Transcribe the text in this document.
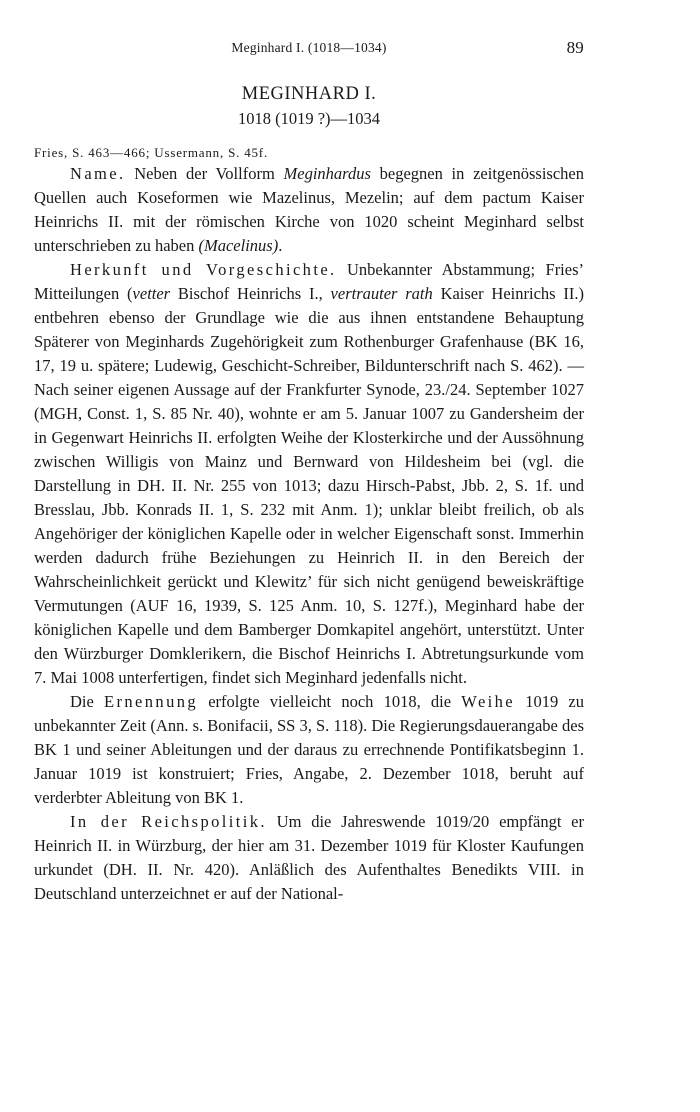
Meginhard I. (1018—1034)	89
MEGINHARD I.
1018 (1019 ?)—1034
Fries, S. 463—466; Ussermann, S. 45f.

Name. Neben der Vollform Meginhardus begegnen in zeitgenössischen Quellen auch Koseformen wie Mazelinus, Mezelin; auf dem pactum Kaiser Heinrichs II. mit der römischen Kirche von 1020 scheint Meginhard selbst unterschrieben zu haben (Macelinus).

Herkunft und Vorgeschichte. Unbekannter Abstammung; Fries’ Mitteilungen (vetter Bischof Heinrichs I., vertrauter rath Kaiser Heinrichs II.) entbehren ebenso der Grundlage wie die aus ihnen entstandene Behauptung Späterer von Meginhards Zugehörigkeit zum Rothenburger Grafenhause (BK 16, 17, 19 u. spätere; Ludewig, Geschicht-Schreiber, Bildunterschrift nach S. 462). — Nach seiner eigenen Aussage auf der Frankfurter Synode, 23./24. September 1027 (MGH, Const. 1, S. 85 Nr. 40), wohnte er am 5. Januar 1007 zu Gandersheim der in Gegenwart Heinrichs II. erfolgten Weihe der Klosterkirche und der Aussöhnung zwischen Willigis von Mainz und Bernward von Hildesheim bei (vgl. die Darstellung in DH. II. Nr. 255 von 1013; dazu Hirsch-Pabst, Jbb. 2, S. 1f. und Bresslau, Jbb. Konrads II. 1, S. 232 mit Anm. 1); unklar bleibt freilich, ob als Angehöriger der königlichen Kapelle oder in welcher Eigenschaft sonst. Immerhin werden dadurch frühe Beziehungen zu Heinrich II. in den Bereich der Wahrscheinlichkeit gerückt und Klewitz’ für sich nicht genügend beweiskräftige Vermutungen (AUF 16, 1939, S. 125 Anm. 10, S. 127f.), Meginhard habe der königlichen Kapelle und dem Bamberger Domkapitel angehört, unterstützt. Unter den Würzburger Domklerikern, die Bischof Heinrichs I. Abtretungsurkunde vom 7. Mai 1008 unterfertigen, findet sich Meginhard jedenfalls nicht.

Die Ernennung erfolgte vielleicht noch 1018, die Weihe 1019 zu unbekannter Zeit (Ann. s. Bonifacii, SS 3, S. 118). Die Regierungsdauerangabe des BK 1 und seiner Ableitungen und der daraus zu errechnende Pontifikatsbeginn 1. Januar 1019 ist konstruiert; Fries, Angabe, 2. Dezember 1018, beruht auf verderbter Ableitung von BK 1.

In der Reichspolitik. Um die Jahreswende 1019/20 empfängt er Heinrich II. in Würzburg, der hier am 31. Dezember 1019 für Kloster Kaufungen urkundet (DH. II. Nr. 420). Anläßlich des Aufenthaltes Benedikts VIII. in Deutschland unterzeichnet er auf der National-
